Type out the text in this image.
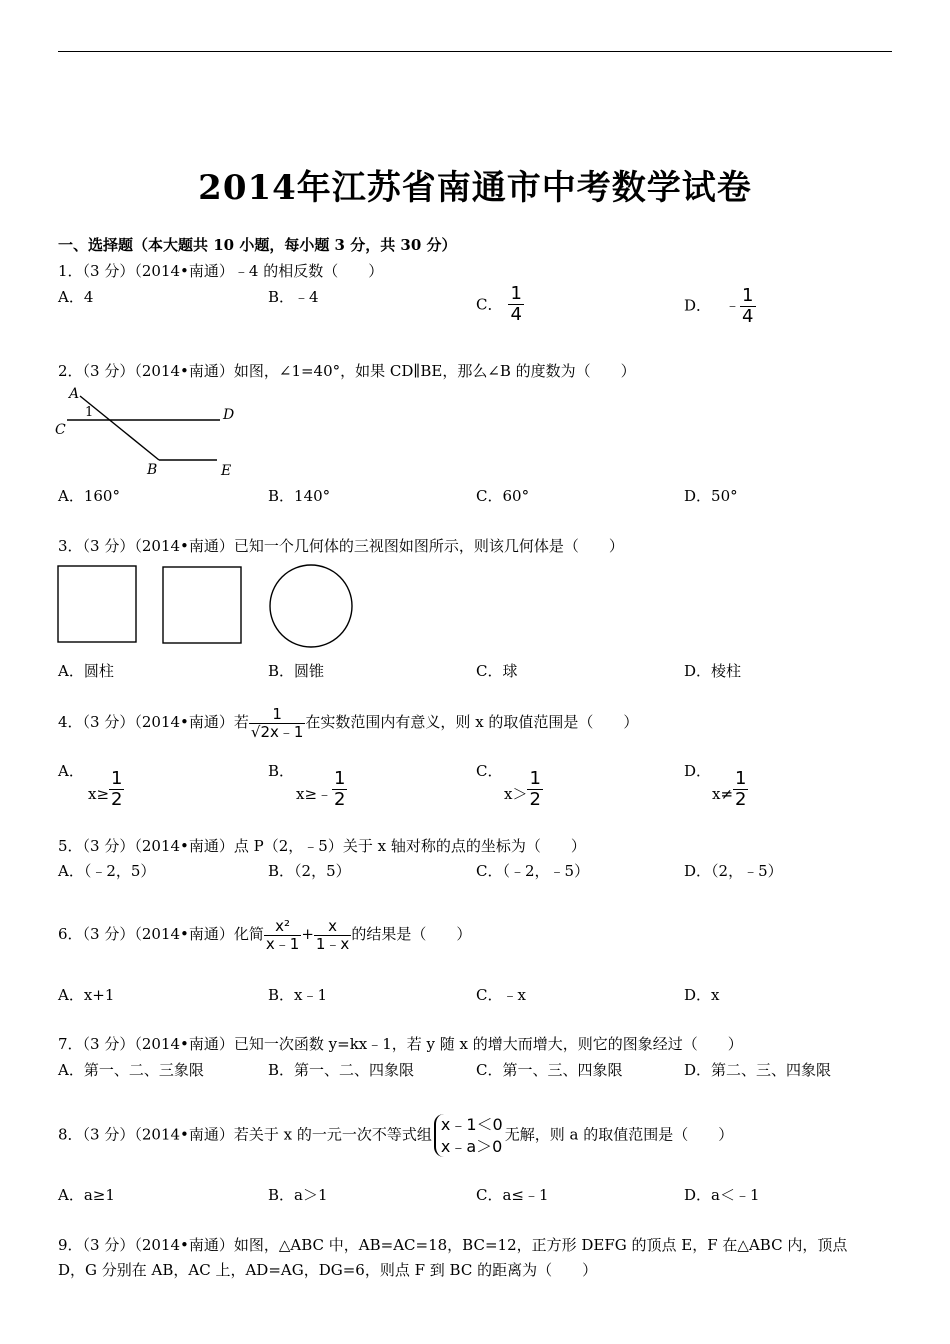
2014年江苏省南通市中考数学试卷
一、选择题（本大题共 10 小题，每小题 3 分，共 30 分）
1．（3 分）（2014•南通）﹣4 的相反数（　　）
A．4	B．﹣4	C． $\frac{1}{4}$	D． ﹣ $\frac{1}{4}$
2．（3 分）（2014•南通）如图，∠1=40°，如果 CD∥BE，那么∠B 的度数为（　　）
A
1
C
D
B	E
A．160°	B．140°	C．60°	D．50°
3．（3 分）（2014•南通）已知一个几何体的三视图如图所示，则该几何体是（　　）
A．圆柱	B．圆锥	C．球	D．棱柱
4．（3 分）（2014•南通）若 $\frac{1}{√2x﹣1}$ 在实数范围内有意义，则 x 的取值范围是（　　）
A．
$x\ge \frac{1}{2}$	B．
x≥﹣ $\frac{1}{2}$	C．
$x> \frac{1}{2}$	D．
$x\ne \frac{1}{2}$
5．（3 分）（2014•南通）点 P（2，﹣5）关于 x 轴对称的点的坐标为（　　）
A．（﹣2，5）	B．（2，5）	C．（﹣2，﹣5）	D．（2，﹣5）
6．（3 分）（2014•南通）化简 $\frac{\text{x²}}{x﹣1} + \frac{x}{1﹣x}$ 的结果是（　　）
A．x+1	B．x﹣1	C．﹣x	D．x
7．（3 分）（2014•南通）已知一次函数 y=kx﹣1，若 y 随 x 的增大而增大，则它的图象经过（　　）
A．第一、二、三象限	B．第一、二、四象限	C．第一、三、四象限	D．第二、三、四象限
8．（3 分）（2014•南通）若关于 x 的一元一次不等式组x﹣1＜0
x﹣a＞0无解，则 a 的取值范围是（　　）
A．a≥1	B．a＞1	C．a≤﹣1	D．a＜﹣1
9．（3 分）（2014•南通）如图，△ABC 中，AB=AC=18，BC=12，正方形 DEFG 的顶点 E，F 在△ABC 内，顶点
D，G 分别在 AB，AC 上，AD=AG，DG=6，则点 F 到 BC 的距离为（　　）
